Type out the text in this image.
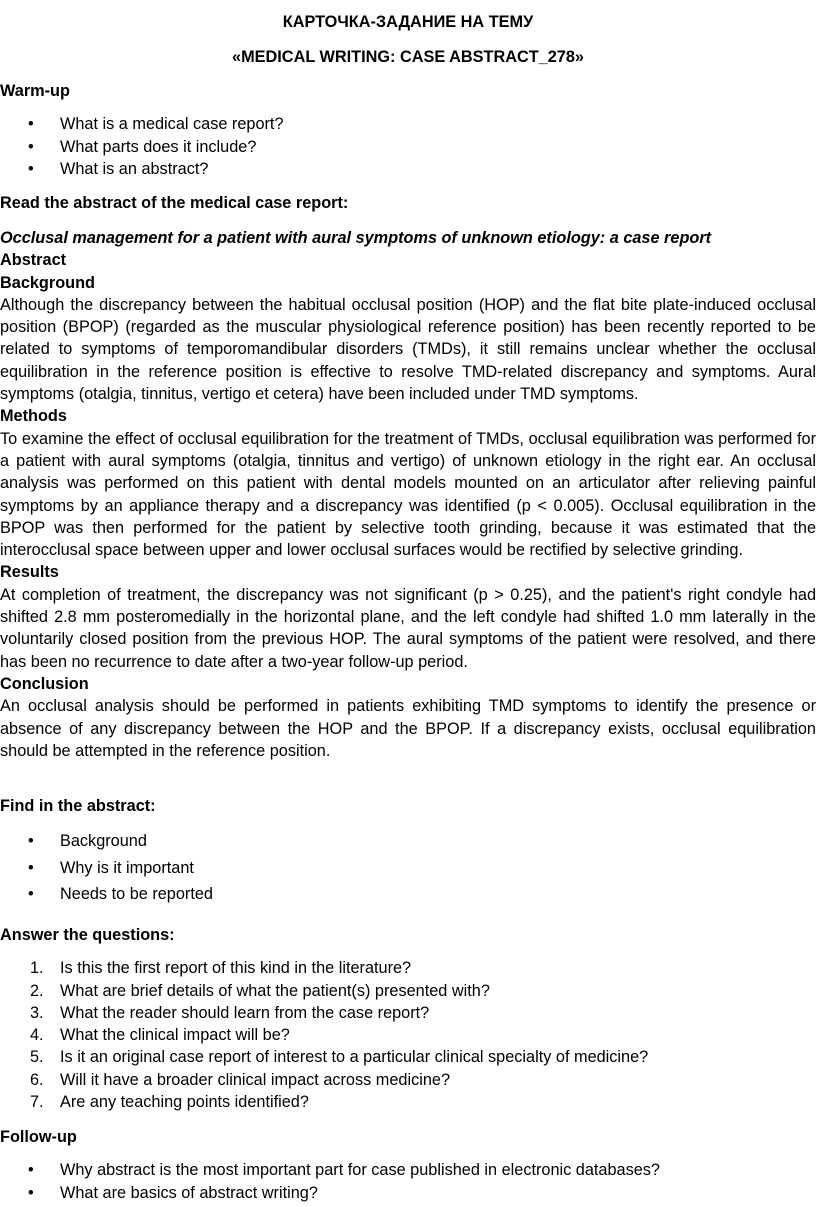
КАРТОЧКА-ЗАДАНИЕ НА ТЕМУ

«MEDICAL WRITING: CASE ABSTRACT_278»

Warm-up

• What is a medical case report?
• What parts does it include?
• What is an abstract?

Read the abstract of the medical case report:

Occlusal management for a patient with aural symptoms of unknown etiology: a case report

Abstract

Background

Although the discrepancy between the habitual occlusal position (HOP) and the flat bite plate-induced occlusal position (BPOP) (regarded as the muscular physiological reference position) has been recently reported to be related to symptoms of temporomandibular disorders (TMDs), it still remains unclear whether the occlusal equilibration in the reference position is effective to resolve TMD-related discrepancy and symptoms. Aural symptoms (otalgia, tinnitus, vertigo et cetera) have been included under TMD symptoms.

Methods

To examine the effect of occlusal equilibration for the treatment of TMDs, occlusal equilibration was performed for a patient with aural symptoms (otalgia, tinnitus and vertigo) of unknown etiology in the right ear. An occlusal analysis was performed on this patient with dental models mounted on an articulator after relieving painful symptoms by an appliance therapy and a discrepancy was identified (p < 0.005). Occlusal equilibration in the BPOP was then performed for the patient by selective tooth grinding, because it was estimated that the interocclusal space between upper and lower occlusal surfaces would be rectified by selective grinding.

Results

At completion of treatment, the discrepancy was not significant (p > 0.25), and the patient's right condyle had shifted 2.8 mm posteromedially in the horizontal plane, and the left condyle had shifted 1.0 mm laterally in the voluntarily closed position from the previous HOP. The aural symptoms of the patient were resolved, and there has been no recurrence to date after a two-year follow-up period.

Conclusion

An occlusal analysis should be performed in patients exhibiting TMD symptoms to identify the presence or absence of any discrepancy between the HOP and the BPOP. If a discrepancy exists, occlusal equilibration should be attempted in the reference position.

Find in the abstract:

• Background
• Why is it important
• Needs to be reported

Answer the questions:

1. Is this the first report of this kind in the literature?
2. What are brief details of what the patient(s) presented with?
3. What the reader should learn from the case report?
4. What the clinical impact will be?
5. Is it an original case report of interest to a particular clinical specialty of medicine?
6. Will it have a broader clinical impact across medicine?
7. Are any teaching points identified?

Follow-up

• Why abstract is the most important part for case published in electronic databases?
• What are basics of abstract writing?
